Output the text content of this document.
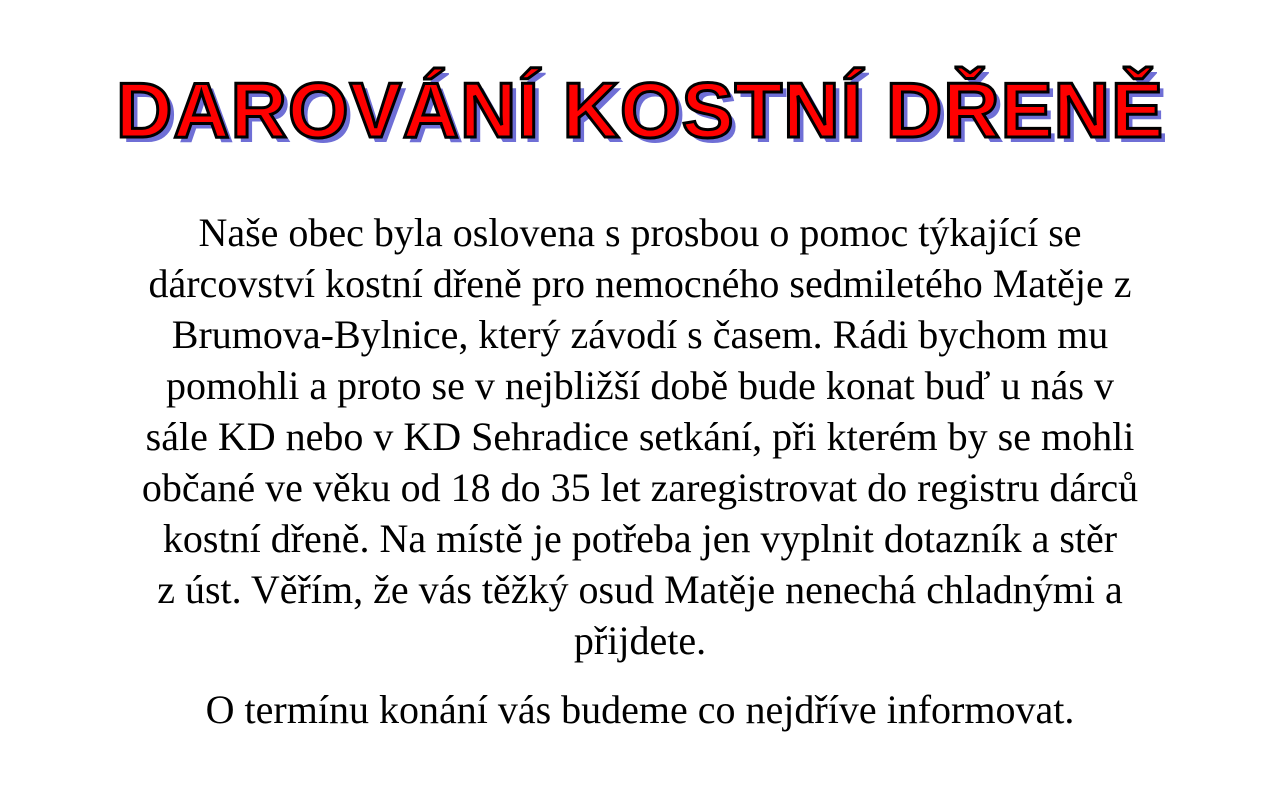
DAROVÁNÍ KOSTNÍ DŘENĚ
Naše obec byla oslovena s prosbou o pomoc týkající se
dárcovství kostní dřeně pro nemocného sedmiletého Matěje z
Brumova-Bylnice, který závodí s časem. Rádi bychom mu
pomohli a proto se v nejbližší době bude konat buď u nás v
sále KD nebo v KD Sehradice setkání, při kterém by se mohli
občané ve věku od 18 do 35 let zaregistrovat do registru dárců
kostní dřeně. Na místě je potřeba jen vyplnit dotazník a stěr
z úst. Věřím, že vás těžký osud Matěje nenechá chladnými a
přijdete.
O termínu konání vás budeme co nejdříve informovat.
